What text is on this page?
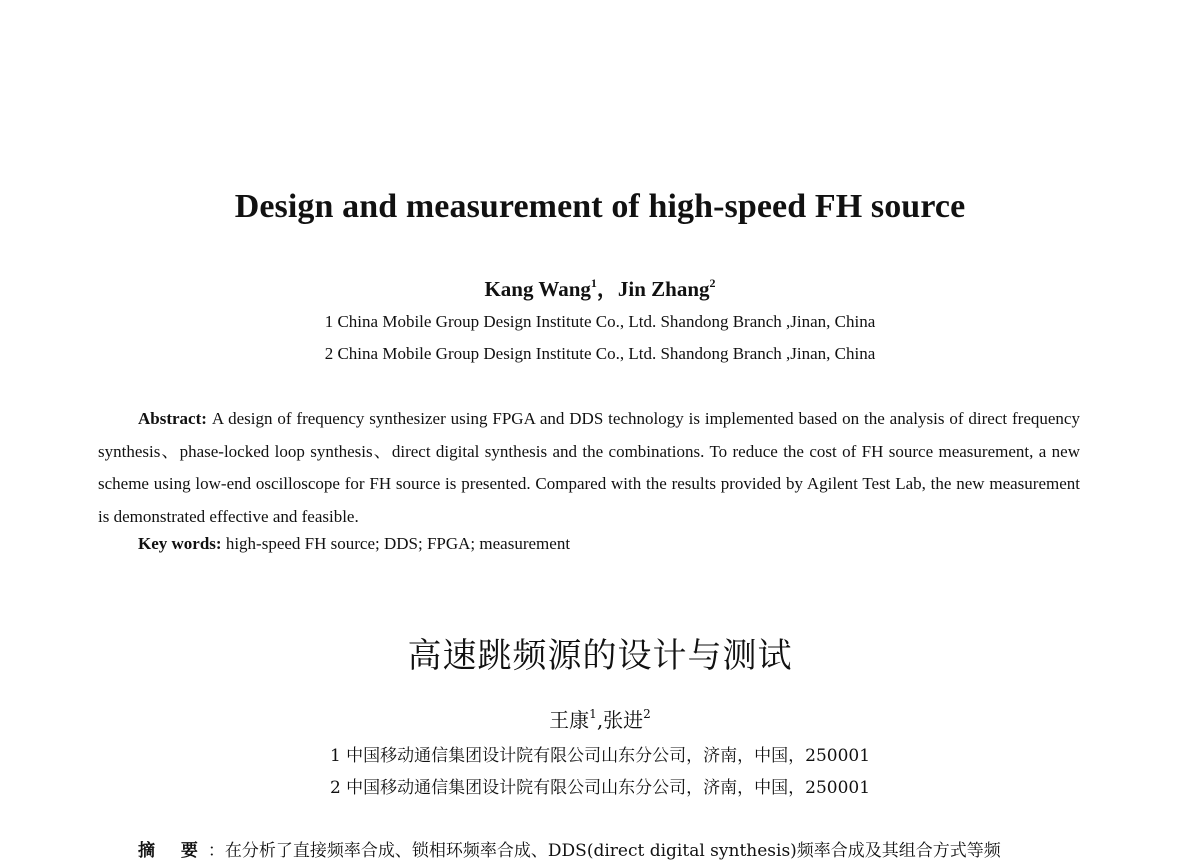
Design and measurement of high-speed FH source
Kang Wang$^1$，Jin Zhang$^2$
1 China Mobile Group Design Institute Co., Ltd. Shandong Branch ,Jinan, China
2 China Mobile Group Design Institute Co., Ltd. Shandong Branch ,Jinan, China

Abstract: A design of frequency synthesizer using FPGA and DDS technology is implemented based on the analysis of direct frequency synthesis、phase-locked loop synthesis、direct digital synthesis and the combinations. To reduce the cost of FH source measurement, a new scheme using low-end oscilloscope for FH source is presented. Compared with the results provided by Agilent Test Lab, the new measurement is demonstrated effective and feasible.

Key words: high-speed FH source; DDS; FPGA; measurement

高速跳频源的设计与测试
王康$^1$,张进$^2$
1 中国移动通信集团设计院有限公司山东分公司，济南，中国，250001
2 中国移动通信集团设计院有限公司山东分公司，济南，中国，250001

摘 要：在分析了直接频率合成、锁相环频率合成、DDS(direct digital synthesis)频率合成及其组合方式等频
